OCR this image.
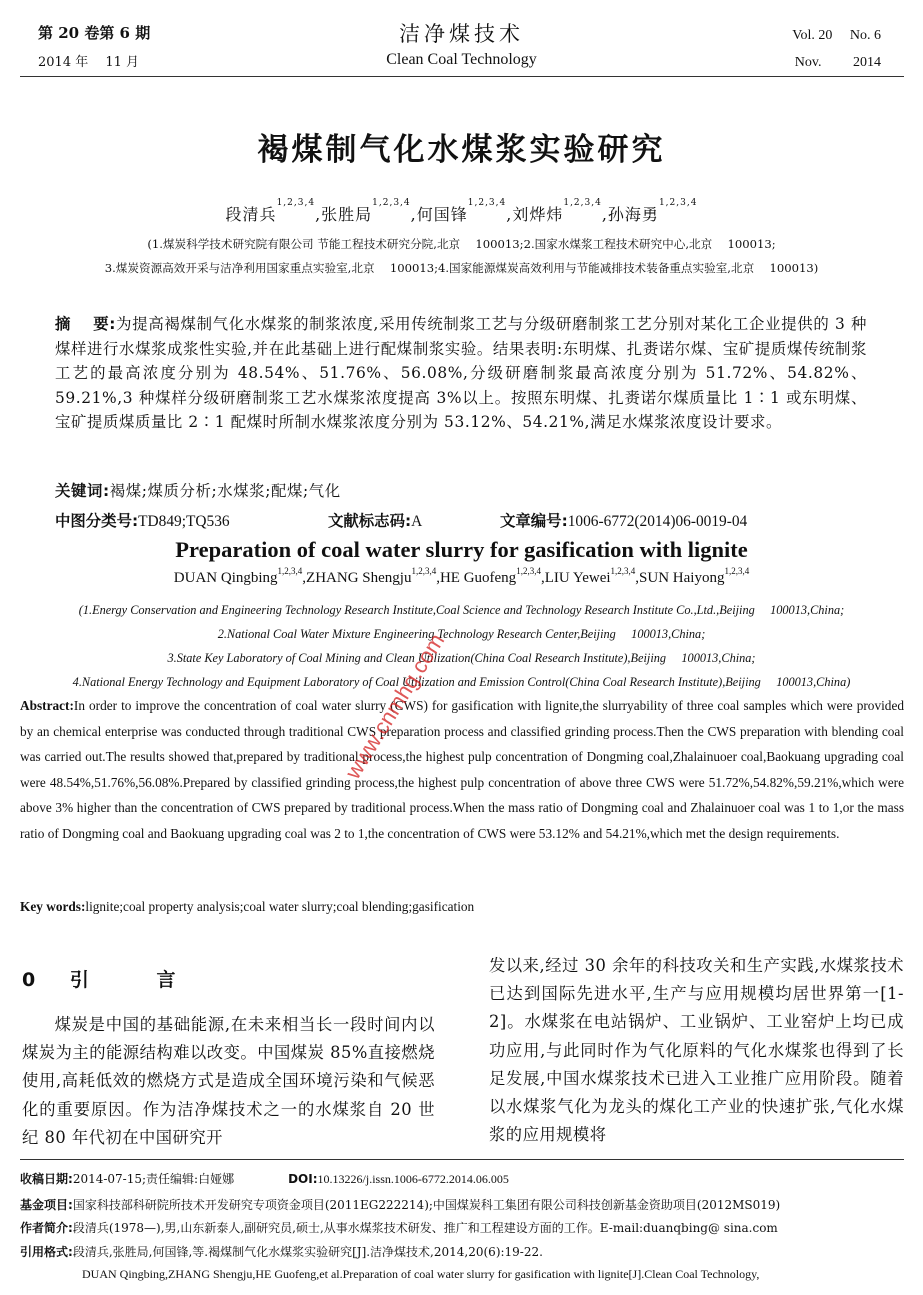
第 20 卷第 6 期
2014 年　 11 月
洁净煤技术
Clean Coal Technology
Vol. 20　 No. 6
Nov.　　 2014
褐煤制气化水煤浆实验研究
段清兵$^{1,2,3,4}$,张胜局$^{1,2,3,4}$,何国锋$^{1,2,3,4}$,刘烨炜$^{1,2,3,4}$,孙海勇$^{1,2,3,4}$
(1.煤炭科学技术研究院有限公司 节能工程技术研究分院,北京　 100013;2.国家水煤浆工程技术研究中心,北京　 100013;
3.煤炭资源高效开采与洁净利用国家重点实验室,北京　 100013;4.国家能源煤炭高效利用与节能减排技术装备重点实验室,北京　 100013)
摘　 要:为提高褐煤制气化水煤浆的制浆浓度,采用传统制浆工艺与分级研磨制浆工艺分别对某化工企业提供的 3 种煤样进行水煤浆成浆性实验,并在此基础上进行配煤制浆实验。结果表明:东明煤、扎赉诺尔煤、宝矿提质煤传统制浆工艺的最高浓度分别为 48.54%、51.76%、56.08%,分级研磨制浆最高浓度分别为 51.72%、54.82%、59.21%,3 种煤样分级研磨制浆工艺水煤浆浓度提高 3%以上。按照东明煤、扎赉诺尔煤质量比 1∶1 或东明煤、宝矿提质煤质量比 2∶1 配煤时所制水煤浆浓度分别为 53.12%、54.21%,满足水煤浆浓度设计要求。
关键词:褐煤;煤质分析;水煤浆;配煤;气化
中图分类号:TD849;TQ536	文献标志码:A	文章编号:1006-6772(2014)06-0019-04
Preparation of coal water slurry for gasification with lignite
DUAN Qingbing$^{1,2,3,4}$,ZHANG Shengju$^{1,2,3,4}$,HE Guofeng$^{1,2,3,4}$,LIU Yewei$^{1,2,3,4}$,SUN Haiyong$^{1,2,3,4}$
(1.Energy Conservation and Engineering Technology Research Institute,Coal Science and Technology Research Institute Co.,Ltd.,Beijing　 100013,China;
2.National Coal Water Mixture Engineering Technology Research Center,Beijing　 100013,China;
3.State Key Laboratory of Coal Mining and Clean Utilization(China Coal Research Institute),Beijing　 100013,China;
4.National Energy Technology and Equipment Laboratory of Coal Utilization and Emission Control(China Coal Research Institute),Beijing　 100013,China)
Abstract:In order to improve the concentration of coal water slurry (CWS) for gasification with lignite,the slurryability of three coal samples which were provided by an chemical enterprise was conducted through traditional CWS preparation process and classified grinding process.Then the CWS preparation with blending coal was carried out.The results showed that,prepared by traditional process,the highest pulp concentration of Dongming coal,Zhalainuoer coal,Baokuang upgrading coal were 48.54%,51.76%,56.08%.Prepared by classified grinding process,the highest pulp concentration of above three CWS were 51.72%,54.82%,59.21%,which were above 3% higher than the concentration of CWS prepared by traditional process.When the mass ratio of Dongming coal and Zhalainuoer coal was 1 to 1,or the mass ratio of Dongming coal and Baokuang upgrading coal was 2 to 1,the concentration of CWS were 53.12% and 54.21%,which met the design requirements.
Key words:lignite;coal property analysis;coal water slurry;coal blending;gasification
0 引　 言
煤炭是中国的基础能源,在未来相当长一段时间内以煤炭为主的能源结构难以改变。中国煤炭 85%直接燃烧使用,高耗低效的燃烧方式是造成全国环境污染和气候恶化的重要原因。作为洁净煤技术之一的水煤浆自 20 世纪 80 年代初在中国研究开
发以来,经过 30 余年的科技攻关和生产实践,水煤浆技术已达到国际先进水平,生产与应用规模均居世界第一[1-2]。水煤浆在电站锅炉、工业锅炉、工业窑炉上均已成功应用,与此同时作为气化原料的气化水煤浆也得到了长足发展,中国水煤浆技术已进入工业推广应用阶段。随着以水煤浆气化为龙头的煤化工产业的快速扩张,气化水煤浆的应用规模将
收稿日期:2014-07-15;责任编辑:白娅娜　　	DOI:10.13226/j.issn.1006-6772.2014.06.005
基金项目:国家科技部科研院所技术开发研究专项资金项目(2011EG222214);中国煤炭科工集团有限公司科技创新基金资助项目(2012MS019)
作者简介:段清兵(1978—),男,山东新泰人,副研究员,硕士,从事水煤浆技术研发、推广和工程建设方面的工作。E-mail:duanqbing@ sina.com
引用格式:段清兵,张胜局,何国锋,等.褐煤制气化水煤浆实验研究[J].洁净煤技术,2014,20(6):19-22.
DUAN Qingbing,ZHANG Shengju,HE Guofeng,et al.Preparation of coal water slurry for gasification with lignite[J].Clean Coal Technology,
www.cnmhg.com
